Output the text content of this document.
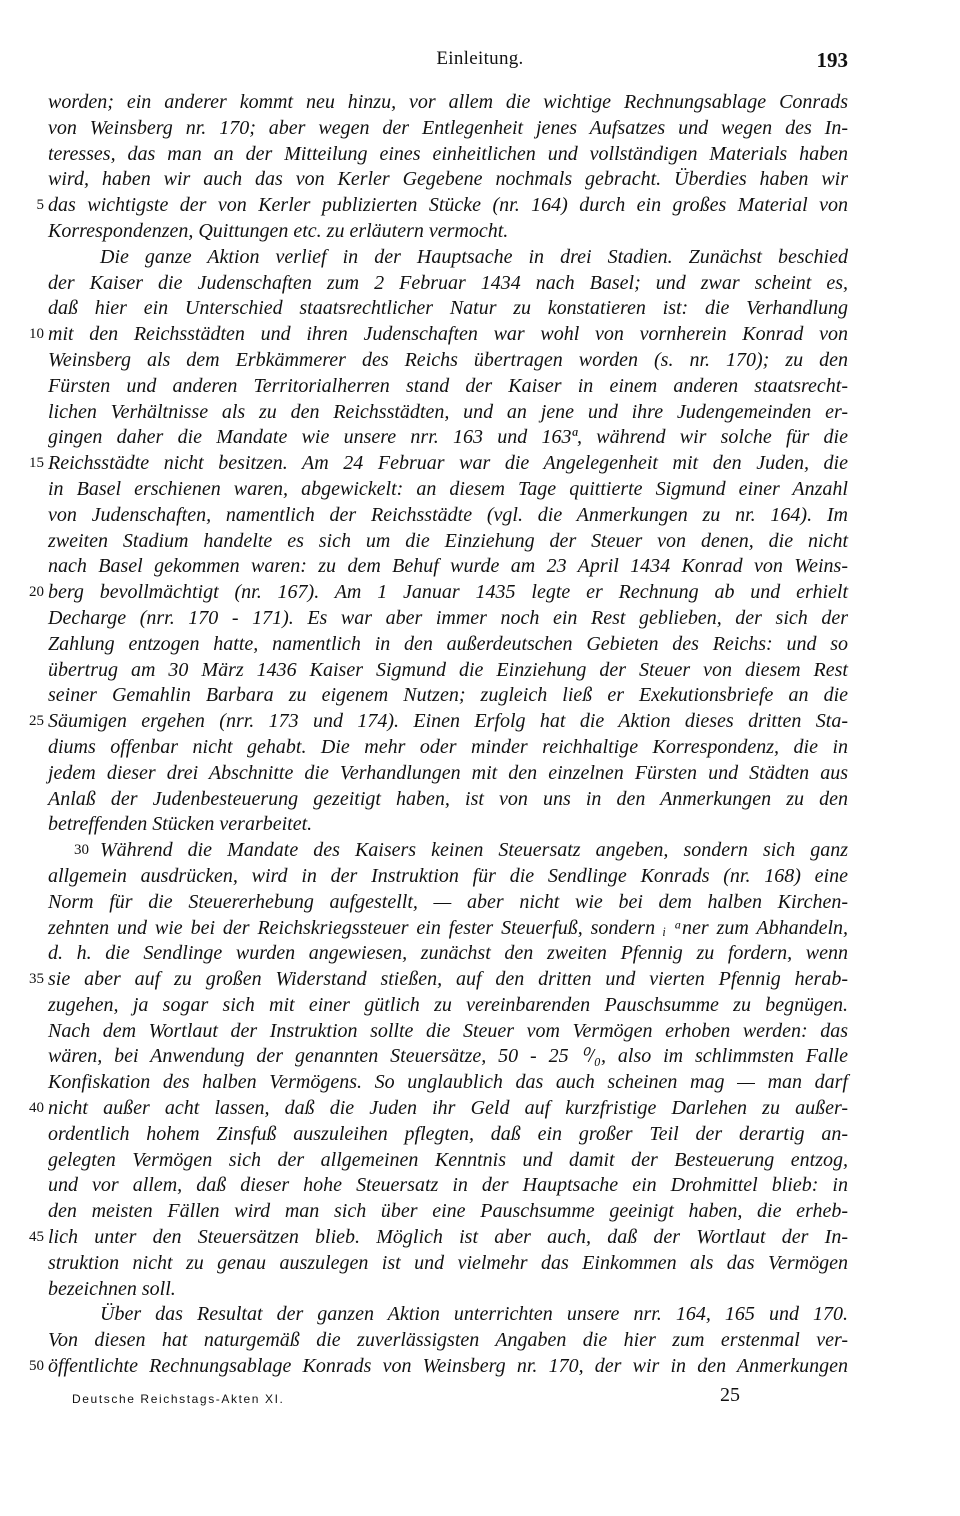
Einleitung.	193
worden; ein anderer kommt neu hinzu, vor allem die wichtige Rechnungsablage Conrads
von Weinsberg nr. 170; aber wegen der Entlegenheit jenes Aufsatzes und wegen des In-
teresses, das man an der Mitteilung eines einheitlichen und vollständigen Materials haben
wird, haben wir auch das von Kerler Gegebene nochmals gebracht. Überdies haben wir
5 das wichtigste der von Kerler publizierten Stücke (nr. 164) durch ein großes Material von
Korrespondenzen, Quittungen etc. zu erläutern vermocht.
Die ganze Aktion verlief in der Hauptsache in drei Stadien. Zunächst beschied
der Kaiser die Judenschaften zum 2 Februar 1434 nach Basel; und zwar scheint es,
daß hier ein Unterschied staatsrechtlicher Natur zu konstatieren ist: die Verhandlung
10 mit den Reichsstädten und ihren Judenschaften war wohl von vornherein Konrad von
Weinsberg als dem Erbkämmerer des Reichs übertragen worden (s. nr. 170); zu den
Fürsten und anderen Territorialherren stand der Kaiser in einem anderen staatsrecht-
lichen Verhältnisse als zu den Reichsstädten, und an jene und ihre Judengemeinden er-
gingen daher die Mandate wie unsere nrr. 163 und 163ª, während wir solche für die
15 Reichsstädte nicht besitzen. Am 24 Februar war die Angelegenheit mit den Juden, die
in Basel erschienen waren, abgewickelt: an diesem Tage quittierte Sigmund einer Anzahl
von Judenschaften, namentlich der Reichsstädte (vgl. die Anmerkungen zu nr. 164). Im
zweiten Stadium handelte es sich um die Einziehung der Steuer von denen, die nicht
nach Basel gekommen waren: zu dem Behuf wurde am 23 April 1434 Konrad von Weins-
20 berg bevollmächtigt (nr. 167). Am 1 Januar 1435 legte er Rechnung ab und erhielt
Decharge (nrr. 170 - 171). Es war aber immer noch ein Rest geblieben, der sich der
Zahlung entzogen hatte, namentlich in den außerdeutschen Gebieten des Reichs: und so
übertrug am 30 März 1436 Kaiser Sigmund die Einziehung der Steuer von diesem Rest
seiner Gemahlin Barbara zu eigenem Nutzen; zugleich ließ er Exekutionsbriefe an die
25 Säumigen ergehen (nrr. 173 und 174). Einen Erfolg hat die Aktion dieses dritten Sta-
diums offenbar nicht gehabt. Die mehr oder minder reichhaltige Korrespondenz, die in
jedem dieser drei Abschnitte die Verhandlungen mit den einzelnen Fürsten und Städten aus
Anlaß der Judenbesteuerung gezeitigt haben, ist von uns in den Anmerkungen zu den
betreffenden Stücken verarbeitet.
30 Während die Mandate des Kaisers keinen Steuersatz angeben, sondern sich ganz
allgemein ausdrücken, wird in der Instruktion für die Sendlinge Konrads (nr. 168) eine
Norm für die Steuererhebung aufgestellt, — aber nicht wie bei dem halben Kirchen-
zehnten und wie bei der Reichskriegssteuer ein fester Steuerfuß, sondern ᵢ ᵃner zum Abhandeln,
d. h. die Sendlinge wurden angewiesen, zunächst den zweiten Pfennig zu fordern, wenn
35 sie aber auf zu großen Widerstand stießen, auf den dritten und vierten Pfennig herab-
zugehen, ja sogar sich mit einer gütlich zu vereinbarenden Pauschsumme zu begnügen.
Nach dem Wortlaut der Instruktion sollte die Steuer vom Vermögen erhoben werden: das
wären, bei Anwendung der genannten Steuersätze, 50 - 25 ⁰/₀, also im schlimmsten Falle
Konfiskation des halben Vermögens. So unglaublich das auch scheinen mag — man darf
40 nicht außer acht lassen, daß die Juden ihr Geld auf kurzfristige Darlehen zu außer-
ordentlich hohem Zinsfuß auszuleihen pflegten, daß ein großer Teil der derartig an-
gelegten Vermögen sich der allgemeinen Kenntnis und damit der Besteuerung entzog,
und vor allem, daß dieser hohe Steuersatz in der Hauptsache ein Drohmittel blieb: in
den meisten Fällen wird man sich über eine Pauschsumme geeinigt haben, die erheb-
45 lich unter den Steuersätzen blieb. Möglich ist aber auch, daß der Wortlaut der In-
struktion nicht zu genau auszulegen ist und vielmehr das Einkommen als das Vermögen
bezeichnen soll.
Über das Resultat der ganzen Aktion unterrichten unsere nrr. 164, 165 und 170.
Von diesen hat naturgemäß die zuverlässigsten Angaben die hier zum erstenmal ver-
50 öffentlichte Rechnungsablage Konrads von Weinsberg nr. 170, der wir in den Anmerkungen
Deutsche Reichstags-Akten XI.	25
